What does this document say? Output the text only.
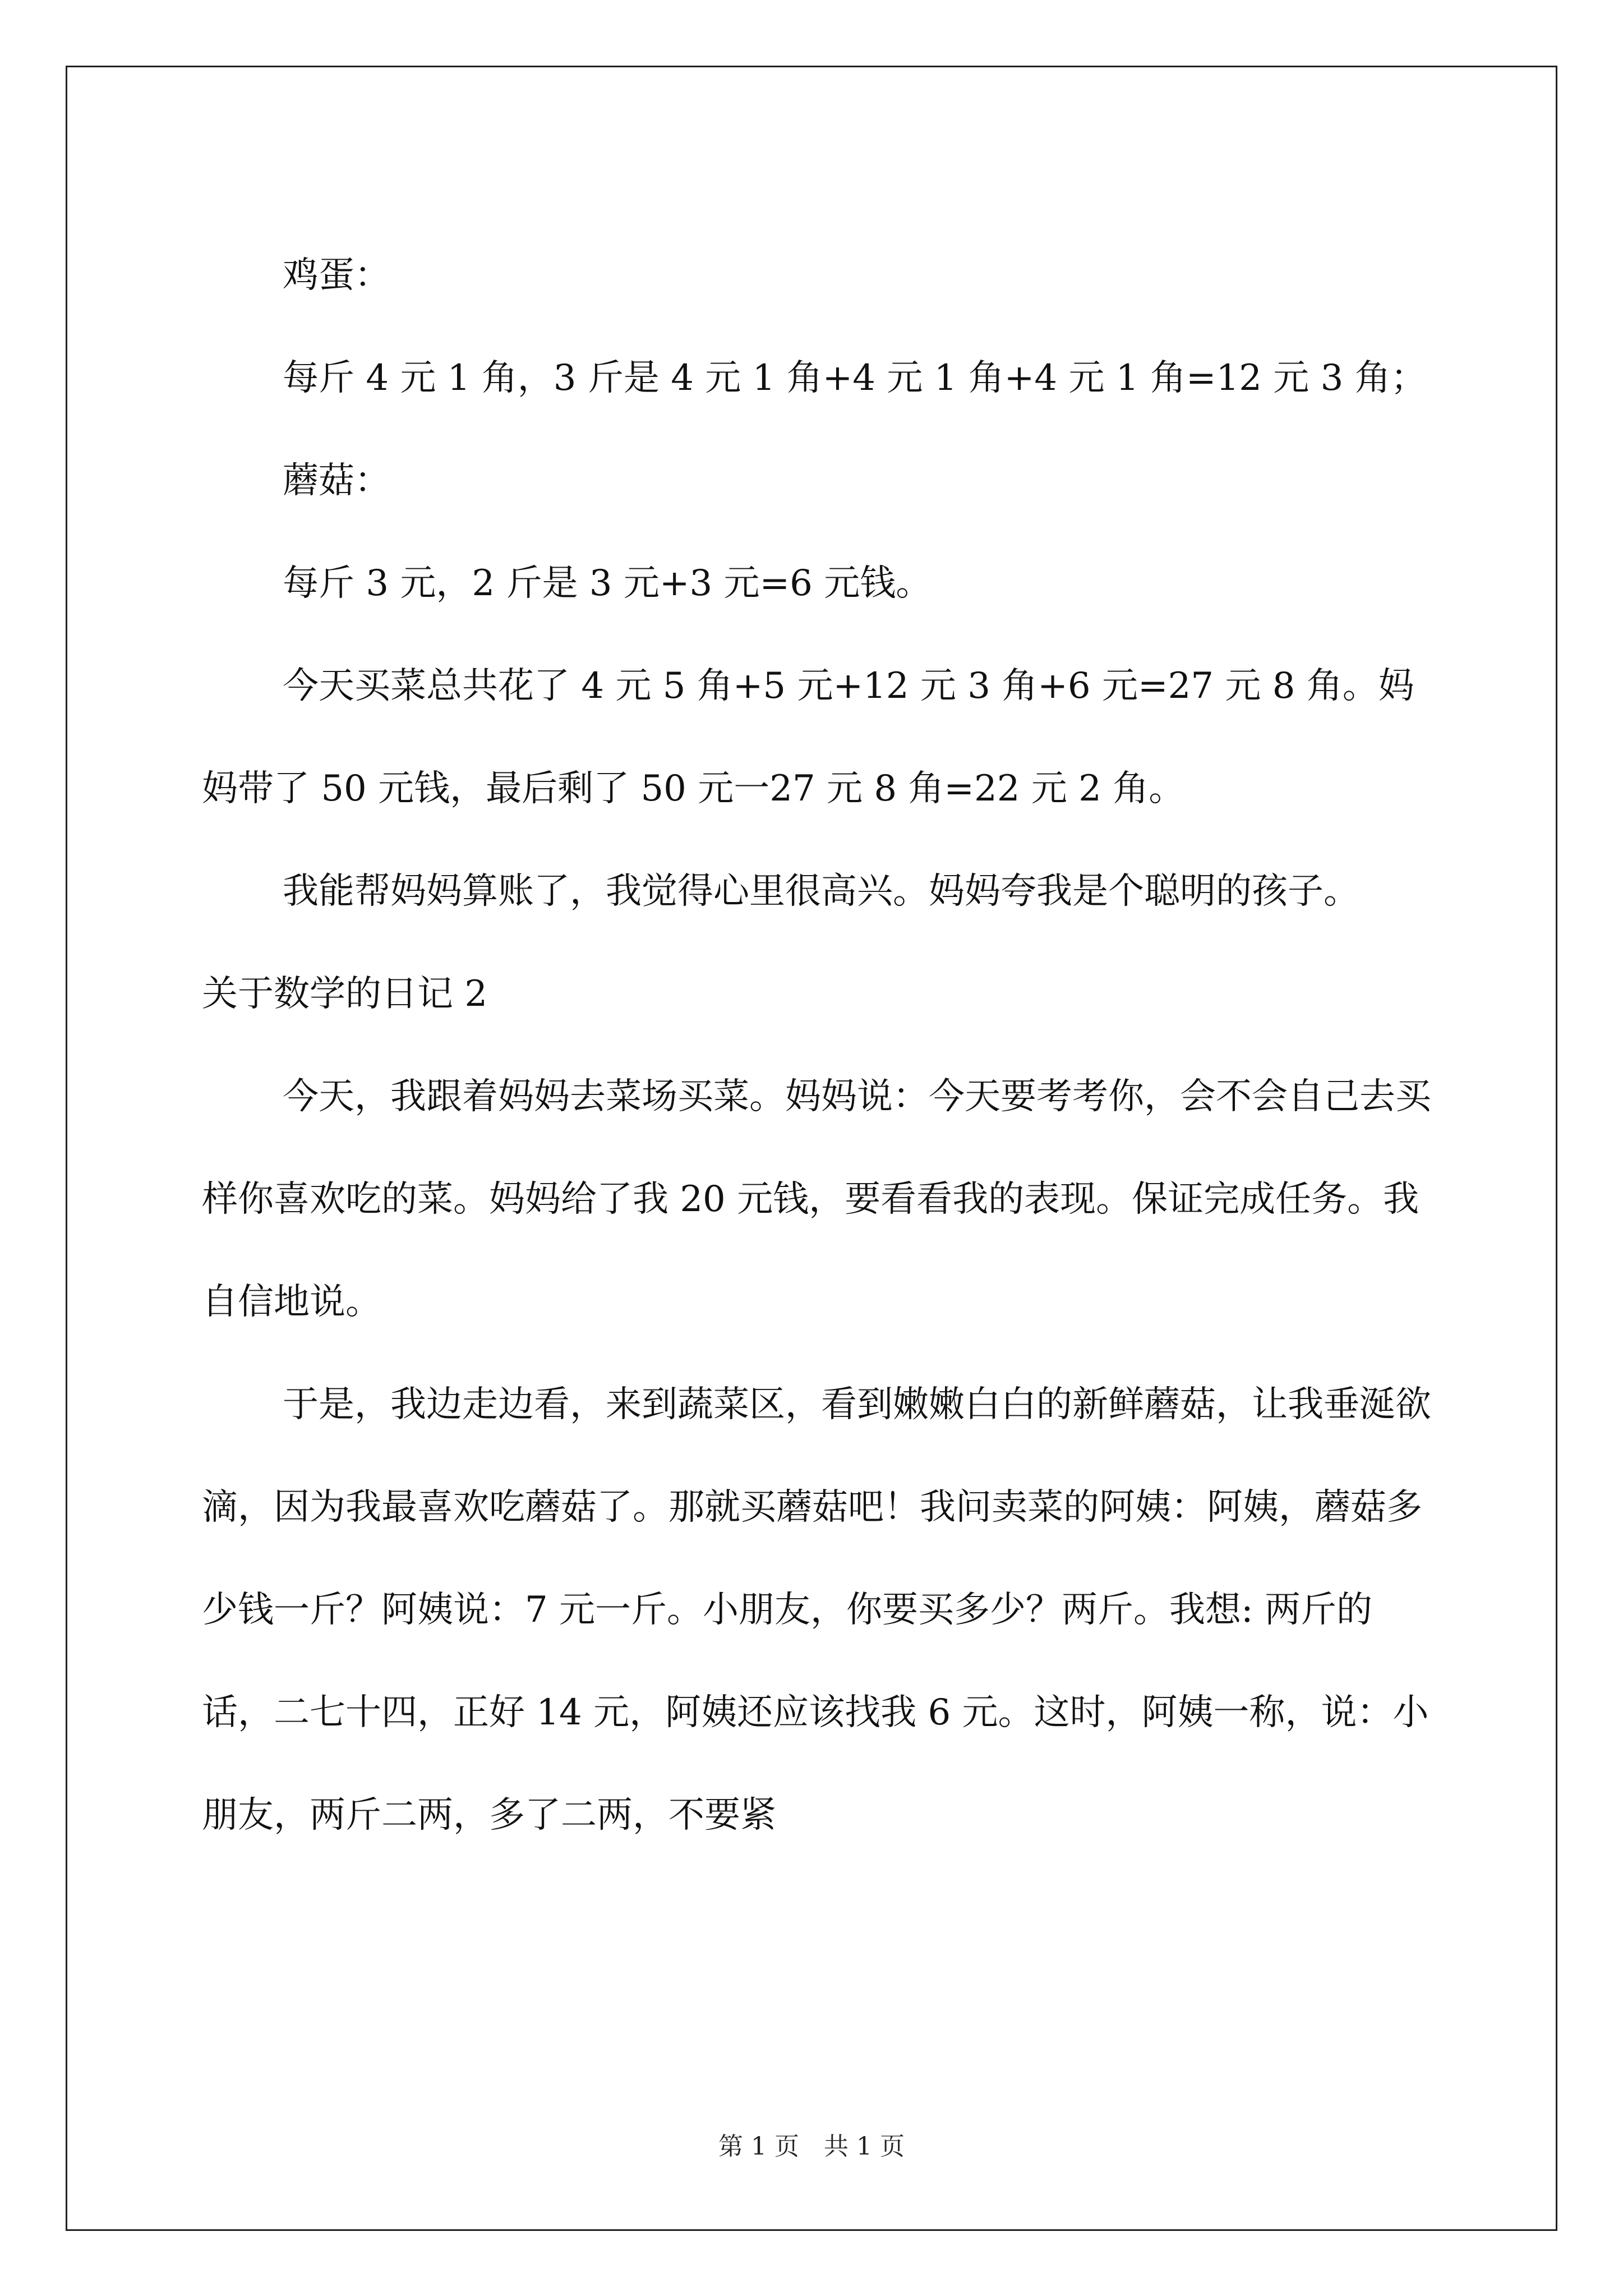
鸡蛋：

每斤 4 元 1 角，3 斤是 4 元 1 角+4 元 1 角+4 元 1 角=12 元 3 角；

蘑菇：

每斤 3 元，2 斤是 3 元+3 元=6 元钱。

今天买菜总共花了 4 元 5 角+5 元+12 元 3 角+6 元=27 元 8 角。妈妈带了 50 元钱，最后剩了 50 元一27 元 8 角=22 元 2 角。

我能帮妈妈算账了，我觉得心里很高兴。妈妈夸我是个聪明的孩子。

关于数学的日记 2

今天，我跟着妈妈去菜场买菜。妈妈说：今天要考考你，会不会自己去买样你喜欢吃的菜。妈妈给了我 20 元钱，要看看我的表现。保证完成任务。我自信地说。

于是，我边走边看，来到蔬菜区，看到嫩嫩白白的新鲜蘑菇，让我垂涎欲滴，因为我最喜欢吃蘑菇了。那就买蘑菇吧！我问卖菜的阿姨：阿姨，蘑菇多少钱一斤？阿姨说：7 元一斤。小朋友，你要买多少？两斤。我想: 两斤的话，二七十四，正好 14 元，阿姨还应该找我 6 元。这时，阿姨一称，说：小朋友，两斤二两，多了二两，不要紧

第 1 页　共 1 页
